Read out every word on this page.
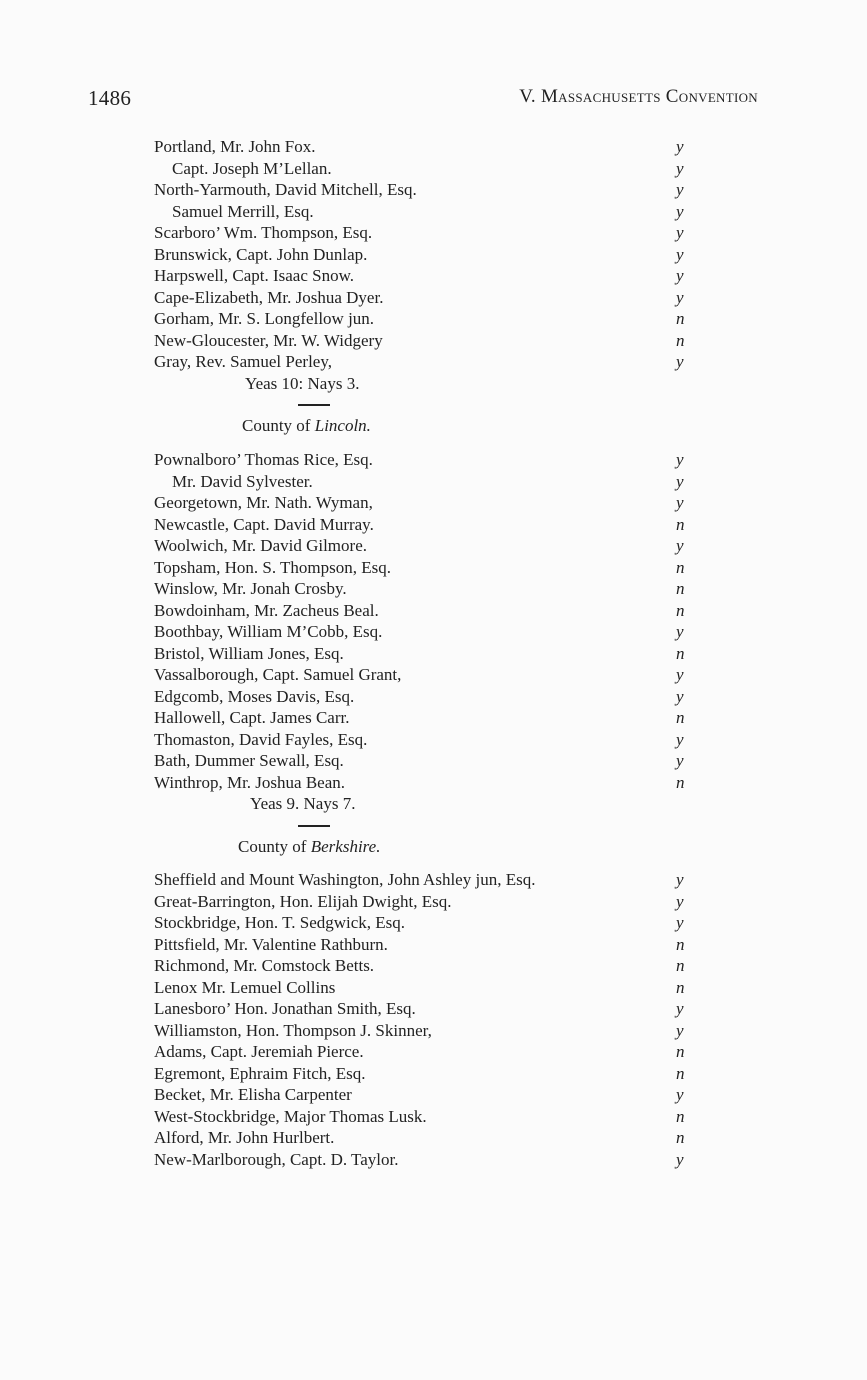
1486	V. Massachusetts Convention
Portland, Mr. John Fox.	y
Capt. Joseph M’Lellan.	y
North-Yarmouth, David Mitchell, Esq.	y
Samuel Merrill, Esq.	y
Scarboro’ Wm. Thompson, Esq.	y
Brunswick, Capt. John Dunlap.	y
Harpswell, Capt. Isaac Snow.	y
Cape-Elizabeth, Mr. Joshua Dyer.	y
Gorham, Mr. S. Longfellow jun.	n
New-Gloucester, Mr. W. Widgery	n
Gray, Rev. Samuel Perley,	y
Yeas 10: Nays 3.
County of Lincoln.
Pownalboro’ Thomas Rice, Esq.	y
Mr. David Sylvester.	y
Georgetown, Mr. Nath. Wyman,	y
Newcastle, Capt. David Murray.	n
Woolwich, Mr. David Gilmore.	y
Topsham, Hon. S. Thompson, Esq.	n
Winslow, Mr. Jonah Crosby.	n
Bowdoinham, Mr. Zacheus Beal.	n
Boothbay, William M’Cobb, Esq.	y
Bristol, William Jones, Esq.	n
Vassalborough, Capt. Samuel Grant,	y
Edgcomb, Moses Davis, Esq.	y
Hallowell, Capt. James Carr.	n
Thomaston, David Fayles, Esq.	y
Bath, Dummer Sewall, Esq.	y
Winthrop, Mr. Joshua Bean.	n
Yeas 9. Nays 7.
County of Berkshire.
Sheffield and Mount Washington, John Ashley jun, Esq.	y
Great-Barrington, Hon. Elijah Dwight, Esq.	y
Stockbridge, Hon. T. Sedgwick, Esq.	y
Pittsfield, Mr. Valentine Rathburn.	n
Richmond, Mr. Comstock Betts.	n
Lenox Mr. Lemuel Collins	n
Lanesboro’ Hon. Jonathan Smith, Esq.	y
Williamston, Hon. Thompson J. Skinner,	y
Adams, Capt. Jeremiah Pierce.	n
Egremont, Ephraim Fitch, Esq.	n
Becket, Mr. Elisha Carpenter	y
West-Stockbridge, Major Thomas Lusk.	n
Alford, Mr. John Hurlbert.	n
New-Marlborough, Capt. D. Taylor.	y
